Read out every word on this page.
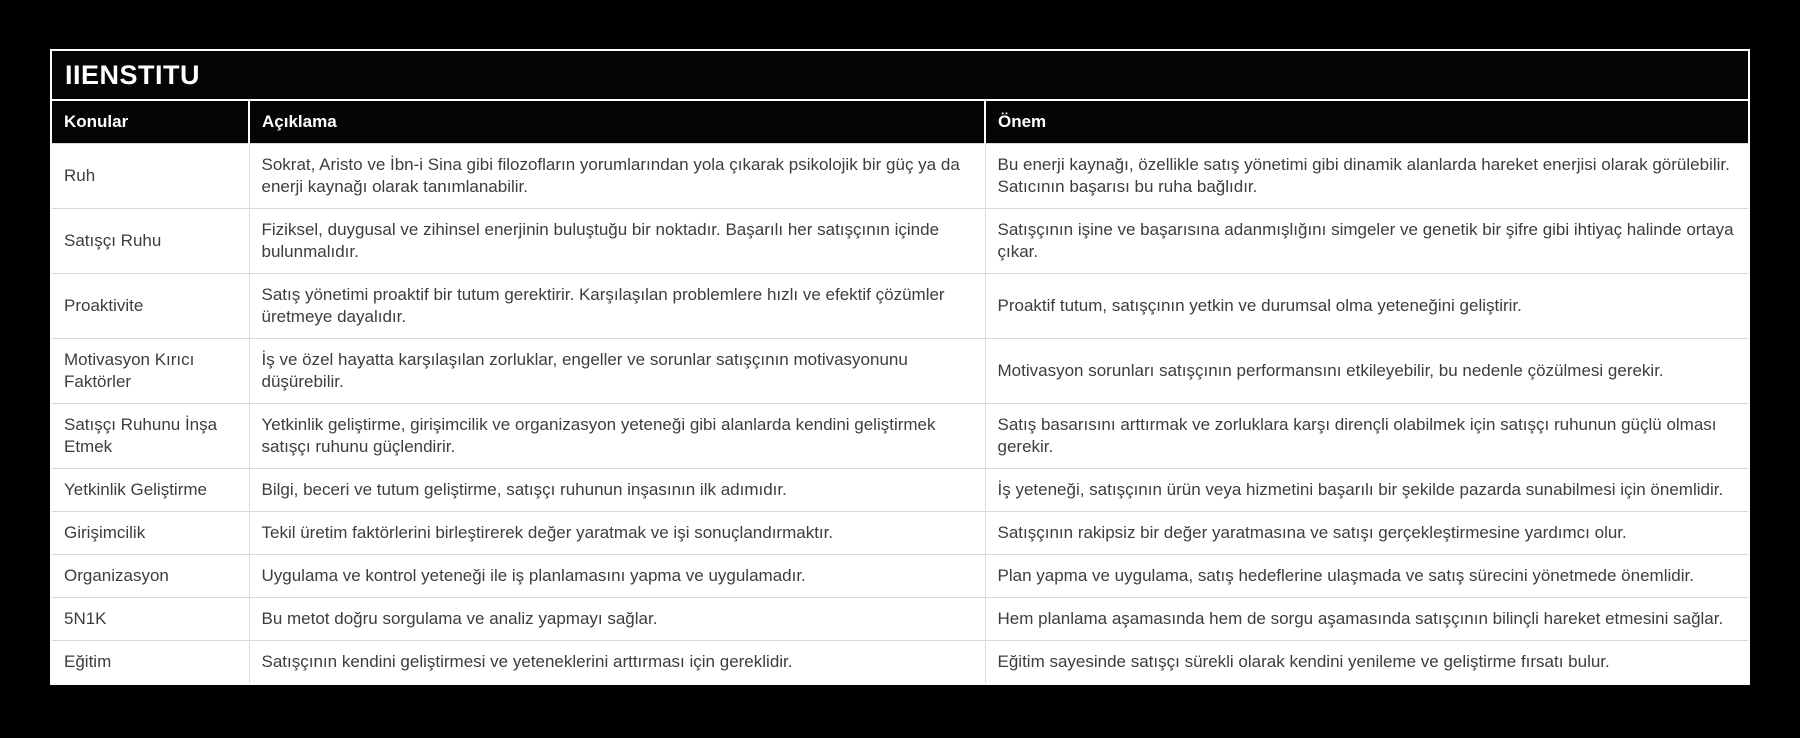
IIENSTITU
Konular	Açıklama	Önem
Ruh	Sokrat, Aristo ve İbn-i Sina gibi filozofların yorumlarından yola çıkarak psikolojik bir güç ya da enerji kaynağı olarak tanımlanabilir.	Bu enerji kaynağı, özellikle satış yönetimi gibi dinamik alanlarda hareket enerjisi olarak görülebilir. Satıcının başarısı bu ruha bağlıdır.
Satışçı Ruhu	Fiziksel, duygusal ve zihinsel enerjinin buluştuğu bir noktadır. Başarılı her satışçının içinde bulunmalıdır.	Satışçının işine ve başarısına adanmışlığını simgeler ve genetik bir şifre gibi ihtiyaç halinde ortaya çıkar.
Proaktivite	Satış yönetimi proaktif bir tutum gerektirir. Karşılaşılan problemlere hızlı ve efektif çözümler üretmeye dayalıdır.	Proaktif tutum, satışçının yetkin ve durumsal olma yeteneğini geliştirir.
Motivasyon Kırıcı Faktörler	İş ve özel hayatta karşılaşılan zorluklar, engeller ve sorunlar satışçının motivasyonunu düşürebilir.	Motivasyon sorunları satışçının performansını etkileyebilir, bu nedenle çözülmesi gerekir.
Satışçı Ruhunu İnşa Etmek	Yetkinlik geliştirme, girişimcilik ve organizasyon yeteneği gibi alanlarda kendini geliştirmek satışçı ruhunu güçlendirir.	Satış basarısını arttırmak ve zorluklara karşı dirençli olabilmek için satışçı ruhunun güçlü olması gerekir.
Yetkinlik Geliştirme	Bilgi, beceri ve tutum geliştirme, satışçı ruhunun inşasının ilk adımıdır.	İş yeteneği, satışçının ürün veya hizmetini başarılı bir şekilde pazarda sunabilmesi için önemlidir.
Girişimcilik	Tekil üretim faktörlerini birleştirerek değer yaratmak ve işi sonuçlandırmaktır.	Satışçının rakipsiz bir değer yaratmasına ve satışı gerçekleştirmesine yardımcı olur.
Organizasyon	Uygulama ve kontrol yeteneği ile iş planlamasını yapma ve uygulamadır.	Plan yapma ve uygulama, satış hedeflerine ulaşmada ve satış sürecini yönetmede önemlidir.
5N1K	Bu metot doğru sorgulama ve analiz yapmayı sağlar.	Hem planlama aşamasında hem de sorgu aşamasında satışçının bilinçli hareket etmesini sağlar.
Eğitim	Satışçının kendini geliştirmesi ve yeteneklerini arttırması için gereklidir.	Eğitim sayesinde satışçı sürekli olarak kendini yenileme ve geliştirme fırsatı bulur.
